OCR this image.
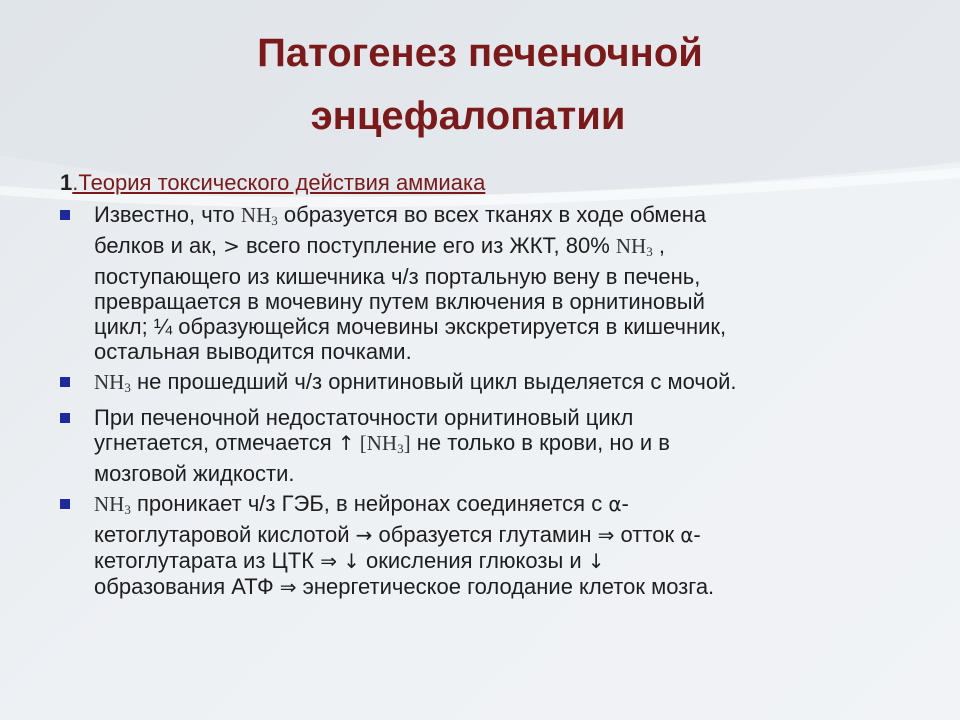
Патогенез печеночной
энцефалопатии
1.Теория токсического действия аммиака
Известно, что $NH_3$ образуется во всех тканях в ходе обмена
белков и ак, > всего поступление его из ЖКТ, 80% $NH_3$ ,
поступающего из кишечника ч/з портальную вену в печень,
превращается в мочевину путем включения в орнитиновый
цикл; ¼ образующейся мочевины экскретируется в кишечник,
остальная выводится почками.
$NH_3$ не прошедший ч/з орнитиновый цикл выделяется с мочой.
При печеночной недостаточности орнитиновый цикл
угнетается, отмечается ↑ $[NH_3]$ не только в крови, но и в
мозговой жидкости.
$NH_3$ проникает ч/з ГЭБ, в нейронах соединяется с α-
кетоглутаровой кислотой → образуется глутамин ⇒ отток α-
кетоглутарата из ЦТК ⇒ ↓ окисления глюкозы и ↓
образования АТФ ⇒ энергетическое голодание клеток мозга.
